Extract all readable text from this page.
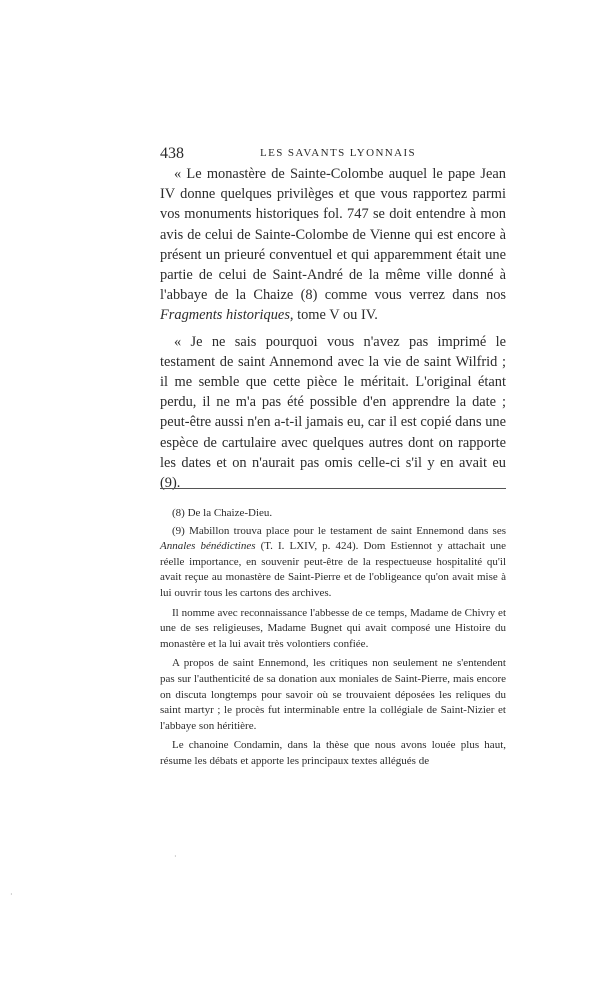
438	LES SAVANTS LYONNAIS

« Le monastère de Sainte-Colombe auquel le pape Jean IV donne quelques privilèges et que vous rapportez parmi vos monuments historiques fol. 747 se doit entendre à mon avis de celui de Sainte-Colombe de Vienne qui est encore à présent un prieuré conventuel et qui apparemment était une partie de celui de Saint-André de la même ville donné à l'abbaye de la Chaize (8) comme vous verrez dans nos Fragments historiques, tome V ou IV.

« Je ne sais pourquoi vous n'avez pas imprimé le testament de saint Annemond avec la vie de saint Wilfrid ; il me semble que cette pièce le méritait. L'original étant perdu, il ne m'a pas été possible d'en apprendre la date ; peut-être aussi n'en a-t-il jamais eu, car il est copié dans une espèce de cartulaire avec quelques autres dont on rapporte les dates et on n'aurait pas omis celle-ci s'il y en avait eu (9).

(8) De la Chaize-Dieu.

(9) Mabillon trouva place pour le testament de saint Ennemond dans ses Annales bénédictines (T. I. LXIV, p. 424). Dom Estiennot y attachait une réelle importance, en souvenir peut-être de la respectueuse hospitalité qu'il avait reçue au monastère de Saint-Pierre et de l'obligeance qu'on avait mise à lui ouvrir tous les cartons des archives.

Il nomme avec reconnaissance l'abbesse de ce temps, Madame de Chivry et une de ses religieuses, Madame Bugnet qui avait composé une Histoire du monastère et la lui avait très volontiers confiée.

A propos de saint Ennemond, les critiques non seulement ne s'entendent pas sur l'authenticité de sa donation aux moniales de Saint-Pierre, mais encore on discuta longtemps pour savoir où se trouvaient déposées les reliques du saint martyr ; le procès fut interminable entre la collégiale de Saint-Nizier et l'abbaye son héritière.

Le chanoine Condamin, dans la thèse que nous avons louée plus haut, résume les débats et apporte les principaux textes allégués de

·
·
